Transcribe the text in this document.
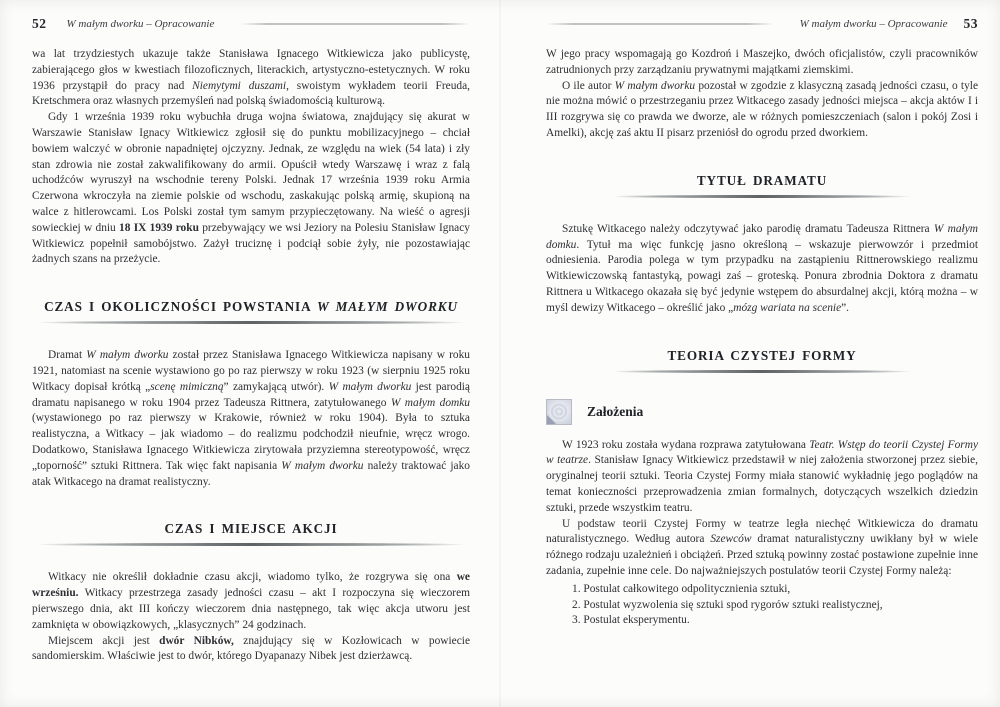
52 W małym dworku – Opracowanie

wa lat trzydziestych ukazuje także Stanisława Ignacego Witkiewicza jako publicystę, zabierającego głos w kwestiach filozoficznych, literackich, artystyczno-estetycznych. W roku 1936 przystąpił do pracy nad Niemytymi duszami, swoistym wykładem teorii Freuda, Kretschmera oraz własnych przemyśleń nad polską świadomością kulturową.

Gdy 1 września 1939 roku wybuchła druga wojna światowa, znajdujący się akurat w Warszawie Stanisław Ignacy Witkiewicz zgłosił się do punktu mobilizacyjnego – chciał bowiem walczyć w obronie napadniętej ojczyzny. Jednak, ze względu na wiek (54 lata) i zły stan zdrowia nie został zakwalifikowany do armii. Opuścił wtedy Warszawę i wraz z falą uchodźców wyruszył na wschodnie tereny Polski. Jednak 17 września 1939 roku Armia Czerwona wkroczyła na ziemie polskie od wschodu, zaskakując polską armię, skupioną na walce z hitlerowcami. Los Polski został tym samym przypieczętowany. Na wieść o agresji sowieckiej w dniu 18 IX 1939 roku przebywający we wsi Jeziory na Polesiu Stanisław Ignacy Witkiewicz popełnił samobójstwo. Zażył truciznę i podciął sobie żyły, nie pozostawiając żadnych szans na przeżycie.

CZAS I OKOLICZNOŚCI POWSTANIA W MAŁYM DWORKU

Dramat W małym dworku został przez Stanisława Ignacego Witkiewicza napisany w roku 1921, natomiast na scenie wystawiono go po raz pierwszy w roku 1923 (w sierpniu 1925 roku Witkacy dopisał krótką „scenę mimiczną” zamykającą utwór). W małym dworku jest parodią dramatu napisanego w roku 1904 przez Tadeusza Rittnera, zatytułowanego W małym domku (wystawionego po raz pierwszy w Krakowie, również w roku 1904). Była to sztuka realistyczna, a Witkacy – jak wiadomo – do realizmu podchodził nieufnie, wręcz wrogo. Dodatkowo, Stanisława Ignacego Witkiewicza zirytowała przyziemna stereotypowość, wręcz „toporność” sztuki Rittnera. Tak więc fakt napisania W małym dworku należy traktować jako atak Witkacego na dramat realistyczny.

CZAS I MIEJSCE AKCJI

Witkacy nie określił dokładnie czasu akcji, wiadomo tylko, że rozgrywa się ona we wrześniu. Witkacy przestrzega zasady jedności czasu – akt I rozpoczyna się wieczorem pierwszego dnia, akt III kończy wieczorem dnia następnego, tak więc akcja utworu jest zamknięta w obowiązkowych, „klasycznych” 24 godzinach.

Miejscem akcji jest dwór Nibków, znajdujący się w Kozłowicach w powiecie sandomierskim. Właściwie jest to dwór, którego Dyapanazy Nibek jest dzierżawcą.

W małym dworku – Opracowanie 53

W jego pracy wspomagają go Kozdroń i Maszejko, dwóch oficjalistów, czyli pracowników zatrudnionych przy zarządzaniu prywatnymi majątkami ziemskimi.

O ile autor W małym dworku pozostał w zgodzie z klasyczną zasadą jedności czasu, o tyle nie można mówić o przestrzeganiu przez Witkacego zasady jedności miejsca – akcja aktów I i III rozgrywa się co prawda we dworze, ale w różnych pomieszczeniach (salon i pokój Zosi i Amelki), akcję zaś aktu II pisarz przeniósł do ogrodu przed dworkiem.

TYTUŁ DRAMATU

Sztukę Witkacego należy odczytywać jako parodię dramatu Tadeusza Rittnera W małym domku. Tytuł ma więc funkcję jasno określoną – wskazuje pierwowzór i przedmiot odniesienia. Parodia polega w tym przypadku na zastąpieniu Rittnerowskiego realizmu Witkiewiczowską fantastyką, powagi zaś – groteską. Ponura zbrodnia Doktora z dramatu Rittnera u Witkacego okazała się być jedynie wstępem do absurdalnej akcji, którą można – w myśl dewizy Witkacego – określić jako „mózg wariata na scenie”.

TEORIA CZYSTEJ FORMY
Założenia

W 1923 roku została wydana rozprawa zatytułowana Teatr. Wstęp do teorii Czystej Formy w teatrze. Stanisław Ignacy Witkiewicz przedstawił w niej założenia stworzonej przez siebie, oryginalnej teorii sztuki. Teoria Czystej Formy miała stanowić wykładnię jego poglądów na temat konieczności przeprowadzenia zmian formalnych, dotyczących wszelkich dziedzin sztuki, przede wszystkim teatru.

U podstaw teorii Czystej Formy w teatrze legła niechęć Witkiewicza do dramatu naturalistycznego. Według autora Szewców dramat naturalistyczny uwikłany był w wiele różnego rodzaju uzależnień i obciążeń. Przed sztuką powinny zostać postawione zupełnie inne zadania, zupełnie inne cele. Do najważniejszych postulatów teorii Czystej Formy należą:

1. Postulat całkowitego odpolitycznienia sztuki,

2. Postulat wyzwolenia się sztuki spod rygorów sztuki realistycznej,

3. Postulat eksperymentu.
